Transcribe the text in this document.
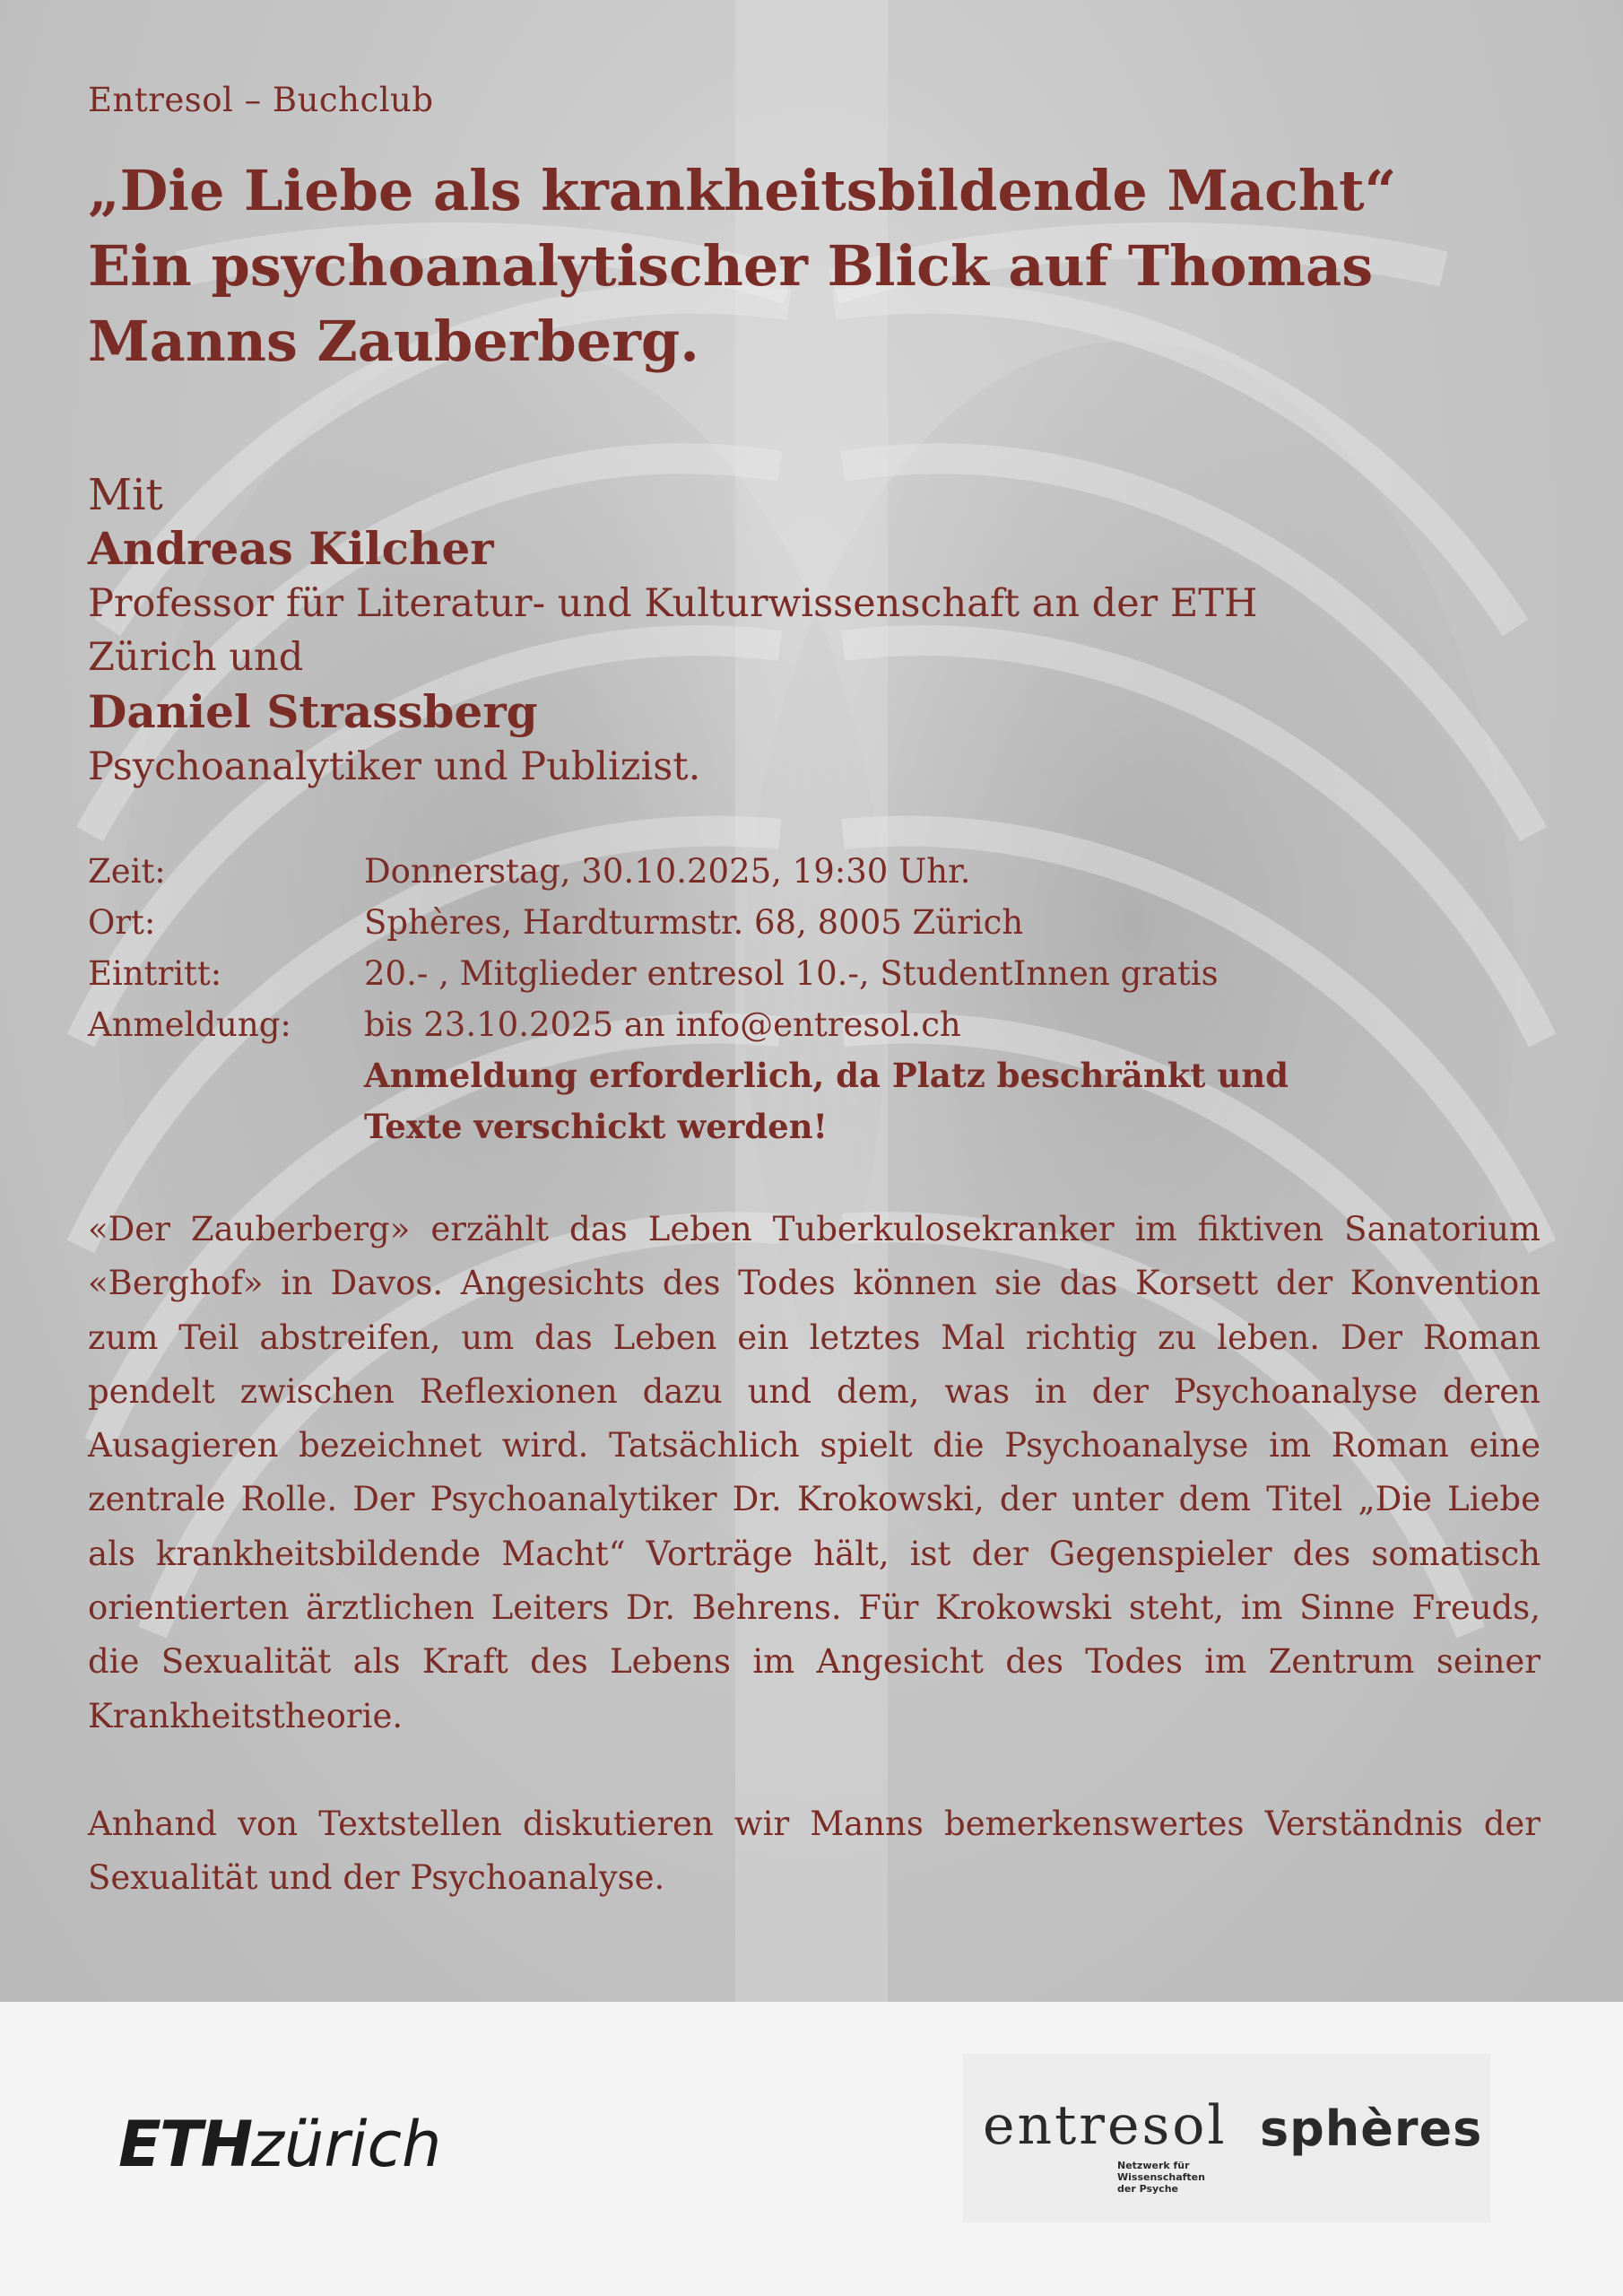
Entresol – Buchclub
„Die Liebe als krankheitsbildende Macht“
Ein psychoanalytischer Blick auf Thomas
Manns Zauberberg.
Mit
Andreas Kilcher
Professor für Literatur- und Kulturwissenschaft an der ETH
Zürich und
Daniel Strassberg
Psychoanalytiker und Publizist.
Zeit:	Donnerstag, 30.10.2025, 19:30 Uhr.
Ort:	Sphères, Hardturmstr. 68, 8005 Zürich
Eintritt:	20.- , Mitglieder entresol 10.-, StudentInnen gratis
Anmeldung:	bis 23.10.2025 an info@entresol.ch
Anmeldung erforderlich, da Platz beschränkt und
Texte verschickt werden!

«Der Zauberberg» erzählt das Leben Tuberkulosekranker im fiktiven Sanatorium «Berghof» in Davos. Angesichts des Todes können sie das Korsett der Konvention zum Teil abstreifen, um das Leben ein letztes Mal richtig zu leben. Der Roman pendelt zwischen Reflexionen dazu und dem, was in der Psychoanalyse deren Ausagieren bezeichnet wird. Tatsächlich spielt die Psychoanalyse im Roman eine zentrale Rolle. Der Psychoanalytiker Dr. Krokowski, der unter dem Titel „Die Liebe als krankheitsbildende Macht“ Vorträge hält, ist der Gegenspieler des somatisch orientierten ärztlichen Leiters Dr. Behrens. Für Krokowski steht, im Sinne Freuds, die Sexualität als Kraft des Lebens im Angesicht des Todes im Zentrum seiner Krankheitstheorie.

Anhand von Textstellen diskutieren wir Manns bemerkenswertes Verständnis der Sexualität und der Psychoanalyse.

ETHzürich	entresol
Netzwerk für
Wissenschaften
der Psyche
sphères
